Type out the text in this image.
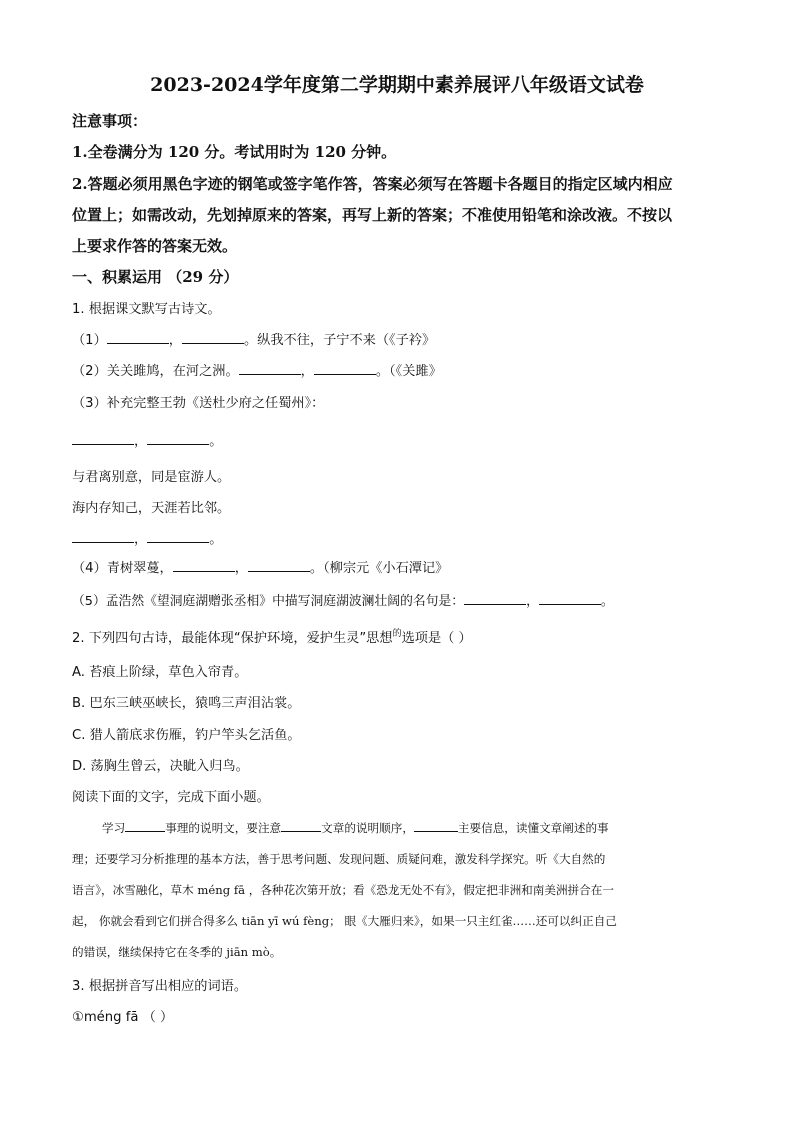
2023-2024学年度第二学期期中素养展评八年级语文试卷
注意事项：
1.全卷满分为 120 分。考试用时为 120 分钟。
2.答题必须用黑色字迹的钢笔或签字笔作答，答案必须写在答题卡各题目的指定区域内相应
位置上；如需改动，先划掉原来的答案，再写上新的答案；不准使用铅笔和涂改液。不按以
上要求作答的答案无效。
一、积累运用 （29 分）
1. 根据课文默写古诗文。
（1）	，	。纵我不往，子宁不来（《子衿》
（2）关关雎鸠，在河之洲。	，	。（《关雎》
（3）补充完整王勃《送杜少府之任蜀州》：
，	。
与君离别意，同是宦游人。
海内存知己，天涯若比邻。
，	。
（4）青树翠蔓，	，	。（柳宗元《小石潭记》
（5）孟浩然《望洞庭湖赠张丞相》中描写洞庭湖波澜壮阔的名句是：	，	。
2. 下列四句古诗，最能体现“保护环境，爱护生灵”思想$^的$选项是（ ）
A. 苔痕上阶绿，草色入帘青。
B. 巴东三峡巫峡长，猿鸣三声泪沾裳。
C. 猎人箭底求伤雁，钓户竿头乞活鱼。
D. 荡胸生曾云，决眦入归鸟。
阅读下面的文字，完成下面小题。
学习	事理的说明文，要注意	文章的说明顺序，	主要信息，读懂文章阐述的事
理；还要学习分析推理的基本方法，善于思考问题、发现问题、质疑问难，激发科学探究。听《大自然的
语言》，冰雪融化，草木 méng fā ，各种花次第开放；看《恐龙无处不有》，假定把非洲和南美洲拼合在一
起， 你就会看到它们拼合得多么 tiān yī wú fèng； 眼《大雁归来》，如果一只主红雀……还可以纠正自己
的错误，继续保持它在冬季的 jiān mò。
3. 根据拼音写出相应的词语。
①méng fā （ ）
